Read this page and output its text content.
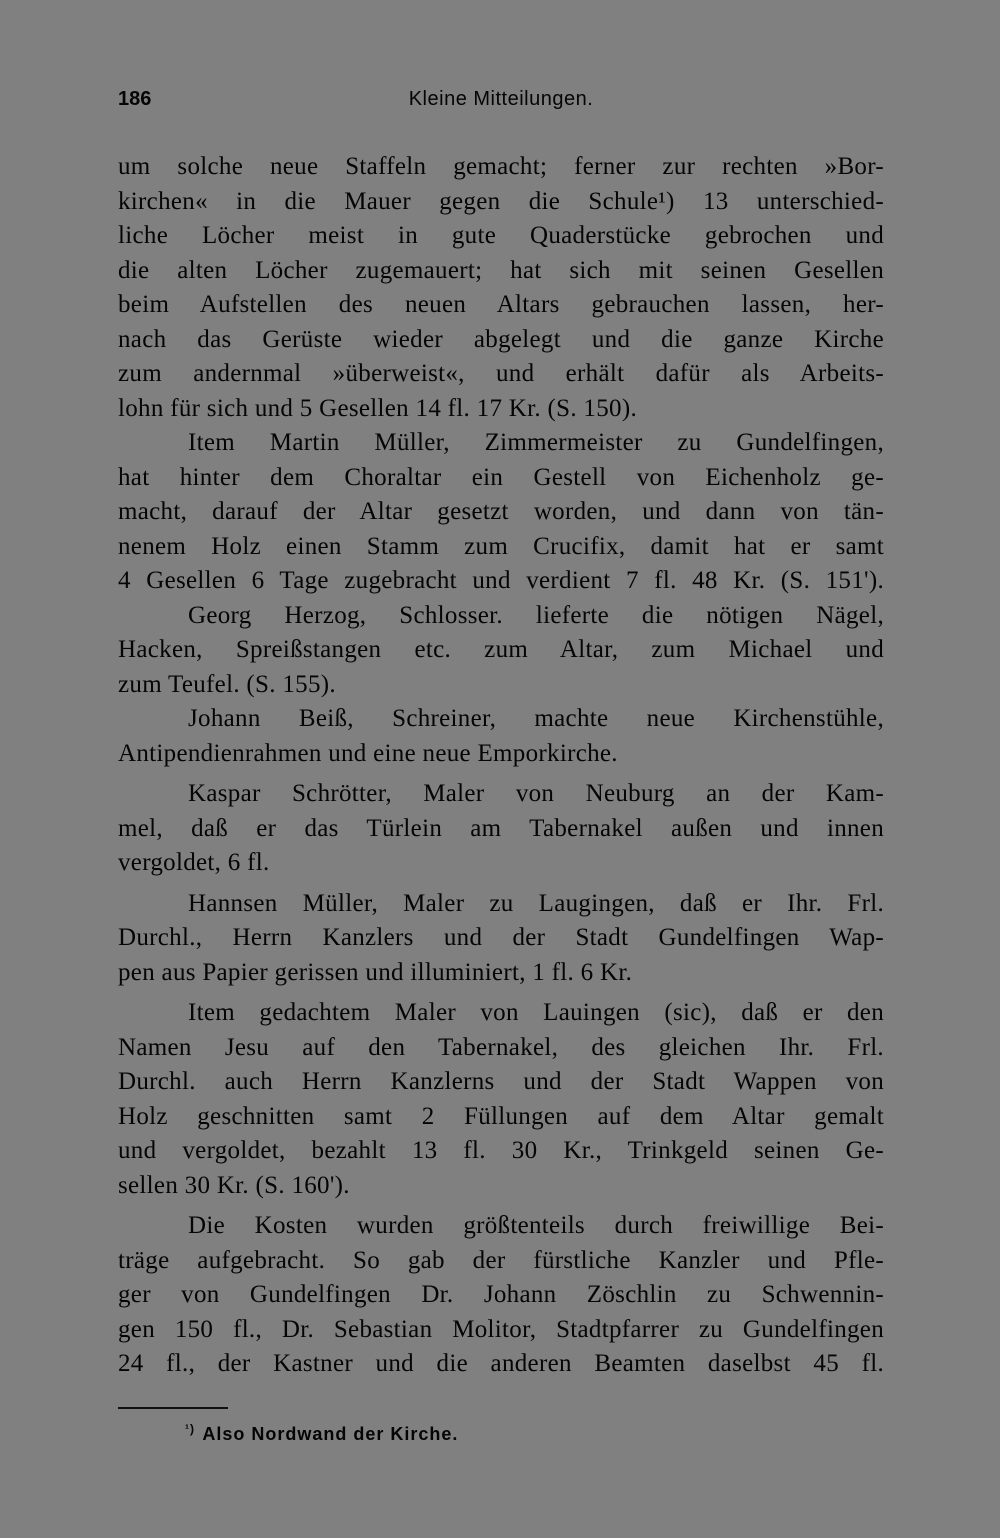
186	Kleine Mitteilungen.
um solche neue Staffeln gemacht; ferner zur rechten »Bor-
kirchen« in die Mauer gegen die Schule¹) 13 unterschied-
liche Löcher meist in gute Quaderstücke gebrochen und
die alten Löcher zugemauert; hat sich mit seinen Gesellen
beim Aufstellen des neuen Altars gebrauchen lassen, her-
nach das Gerüste wieder abgelegt und die ganze Kirche
zum andernmal »überweist«, und erhält dafür als Arbeits-
lohn für sich und 5 Gesellen 14 fl. 17 Kr. (S. 150).
Item Martin Müller, Zimmermeister zu Gundelfingen,
hat hinter dem Choraltar ein Gestell von Eichenholz ge-
macht, darauf der Altar gesetzt worden, und dann von tän-
nenem Holz einen Stamm zum Crucifix, damit hat er samt
4 Gesellen 6 Tage zugebracht und verdient 7 fl. 48 Kr. (S. 151').
Georg Herzog, Schlosser. lieferte die nötigen Nägel,
Hacken, Spreißstangen etc. zum Altar, zum Michael und
zum Teufel. (S. 155).
Johann Beiß, Schreiner, machte neue Kirchenstühle,
Antipendienrahmen und eine neue Emporkirche.
Kaspar Schrötter, Maler von Neuburg an der Kam-
mel, daß er das Türlein am Tabernakel außen und innen
vergoldet, 6 fl.
Hannsen Müller, Maler zu Laugingen, daß er Ihr. Frl.
Durchl., Herrn Kanzlers und der Stadt Gundelfingen Wap-
pen aus Papier gerissen und illuminiert, 1 fl. 6 Kr.
Item gedachtem Maler von Lauingen (sic), daß er den
Namen Jesu auf den Tabernakel, des gleichen Ihr. Frl.
Durchl. auch Herrn Kanzlerns und der Stadt Wappen von
Holz geschnitten samt 2 Füllungen auf dem Altar gemalt
und vergoldet, bezahlt 13 fl. 30 Kr., Trinkgeld seinen Ge-
sellen 30 Kr. (S. 160').
Die Kosten wurden größtenteils durch freiwillige Bei-
träge aufgebracht. So gab der fürstliche Kanzler und Pfle-
ger von Gundelfingen Dr. Johann Zöschlin zu Schwennin-
gen 150 fl., Dr. Sebastian Molitor, Stadtpfarrer zu Gundelfingen
24 fl., der Kastner und die anderen Beamten daselbst 45 fl.
$^{^1)}$ Also Nordwand der Kirche.
